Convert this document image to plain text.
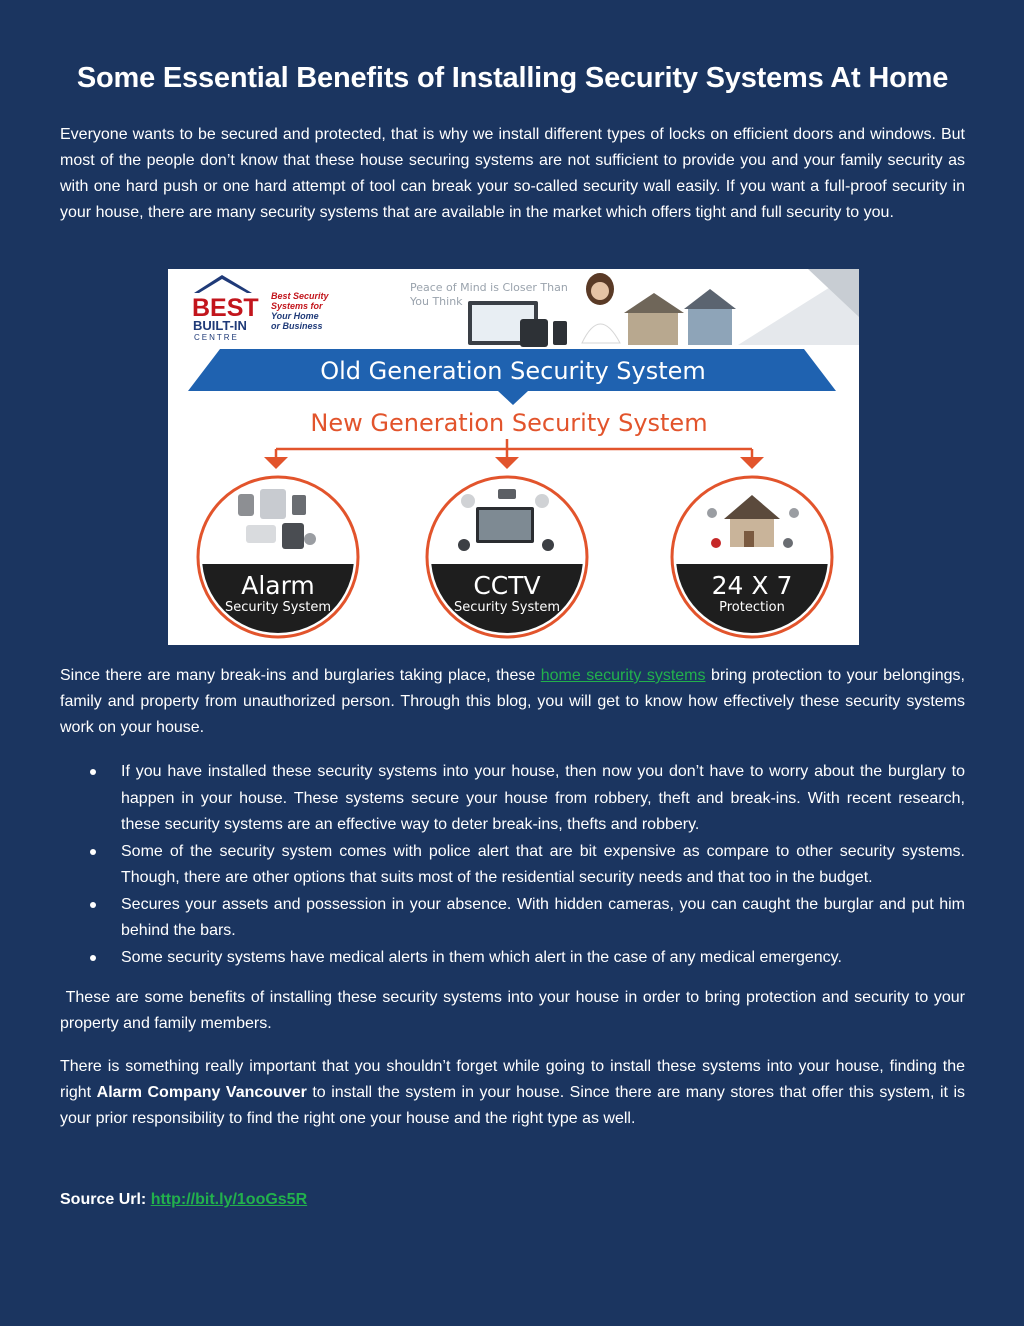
Some Essential Benefits of Installing Security Systems At Home

Everyone wants to be secured and protected, that is why we install different types of locks on efficient doors and windows. But most of the people don’t know that these house securing systems are not sufficient to provide you and your family security as with one hard push or one hard attempt of tool can break your so-called security wall easily. If you want a full-proof security in your house, there are many security systems that are available in the market which offers tight and full security to you.

BEST
BUILT-IN
CENTRE
Best Security
Systems for
Your Home
or Business
Peace of Mind is Closer Than
You Think
Old Generation Security System
New Generation Security System
Alarm
Security System
CCTV
Security System
24 X 7
Protection

Since there are many break-ins and burglaries taking place, these home security systems bring protection to your belongings, family and property from unauthorized person. Through this blog, you will get to know how effectively these security systems work on your house.

If you have installed these security systems into your house, then now you don’t have to worry about the burglary to happen in your house. These systems secure your house from robbery, theft and break-ins. With recent research, these security systems are an effective way to deter break-ins, thefts and robbery.
Some of the security system comes with police alert that are bit expensive as compare to other security systems. Though, there are other options that suits most of the residential security needs and that too in the budget.
Secures your assets and possession in your absence. With hidden cameras, you can caught the burglar and put him behind the bars.
Some security systems have medical alerts in them which alert in the case of any medical emergency.

These are some benefits of installing these security systems into your house in order to bring protection and security to your property and family members.

There is something really important that you shouldn’t forget while going to install these systems into your house, finding the right Alarm Company Vancouver to install the system in your house. Since there are many stores that offer this system, it is your prior responsibility to find the right one your house and the right type as well.

Source Url: http://bit.ly/1ooGs5R
